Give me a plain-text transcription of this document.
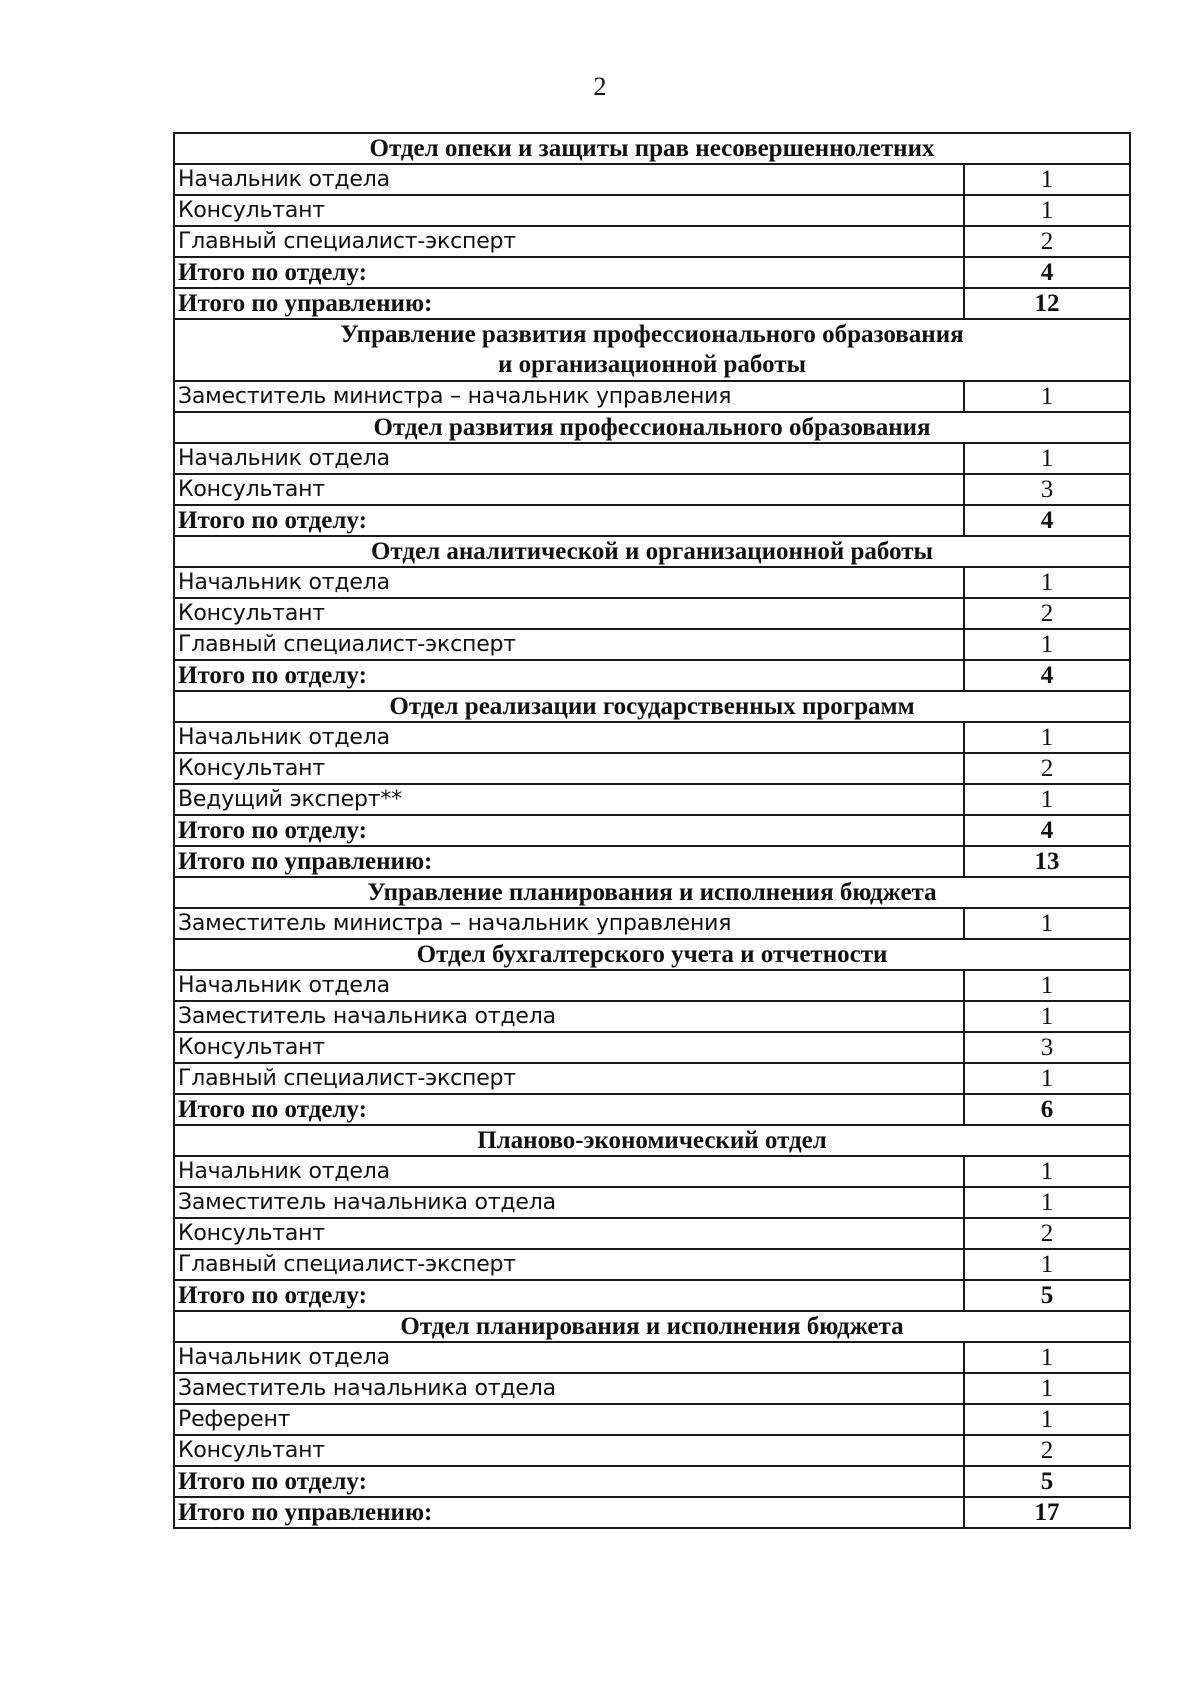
2
Отдел опеки и защиты прав несовершеннолетних	

Начальник отдела	1
Консультант	1
Главный специалист-эксперт	2
Итого по отделу:	4
Итого по управлению:	12

Управление развития профессионального образования
и организационной работы	

Заместитель министра – начальник управления	1

Отдел развития профессионального образования	

Начальник отдела	1
Консультант	3
Итого по отделу:	4

Отдел аналитической и организационной работы	

Начальник отдела	1
Консультант	2
Главный специалист-эксперт	1
Итого по отделу:	4

Отдел реализации государственных программ	

Начальник отдела	1
Консультант	2
Ведущий эксперт**	1
Итого по отделу:	4
Итого по управлению:	13

Управление планирования и исполнения бюджета	

Заместитель министра – начальник управления	1

Отдел бухгалтерского учета и отчетности	

Начальник отдела	1
Заместитель начальника отдела	1
Консультант	3
Главный специалист-эксперт	1
Итого по отделу:	6

Планово-экономический отдел	

Начальник отдела	1
Заместитель начальника отдела	1
Консультант	2
Главный специалист-эксперт	1
Итого по отделу:	5

Отдел планирования и исполнения бюджета	

Начальник отдела	1
Заместитель начальника отдела	1
Референт	1
Консультант	2
Итого по отделу:	5
Итого по управлению:	17
